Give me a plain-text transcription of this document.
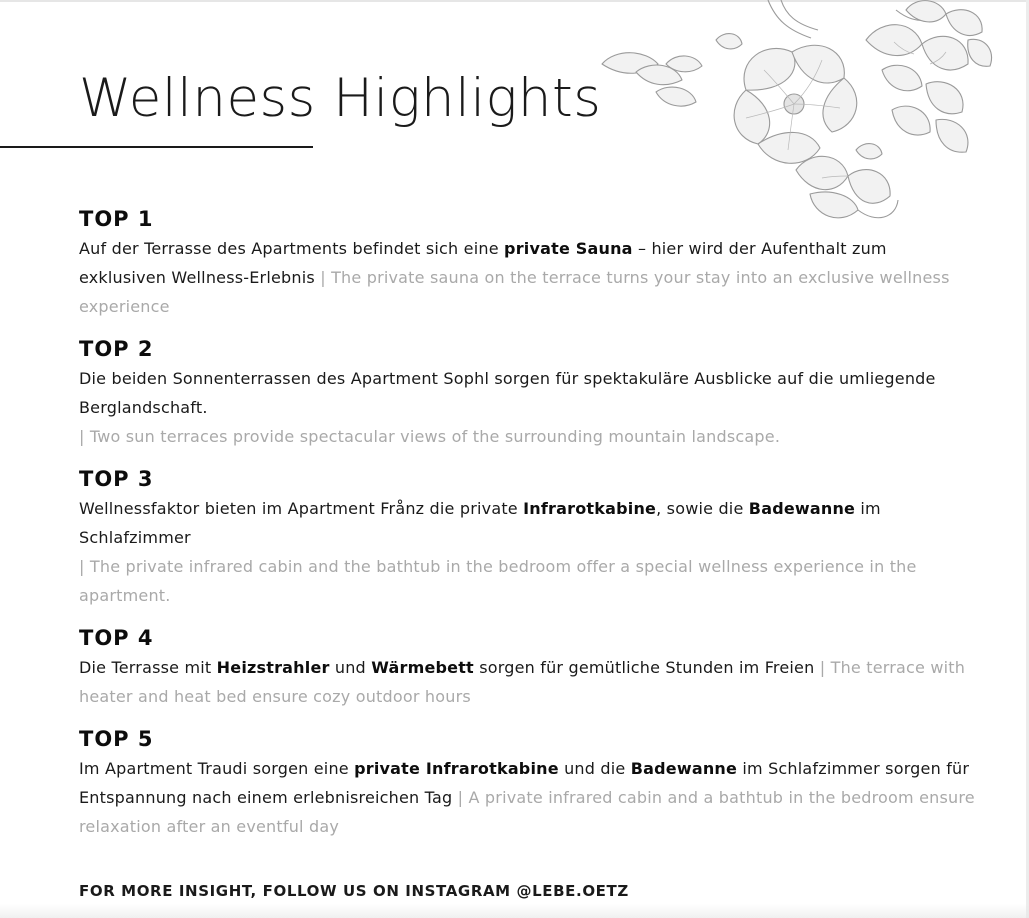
Wellness Highlights
TOP 1
Auf der Terrasse des Apartments befindet sich eine private Sauna – hier wird der Aufenthalt zum exklusiven Wellness-Erlebnis | The private sauna on the terrace turns your stay into an exclusive wellness experience
TOP 2
Die beiden Sonnenterrassen des Apartment Sophl sorgen für spektakuläre Ausblicke auf die umliegende Berglandschaft.
| Two sun terraces provide spectacular views of the surrounding mountain landscape.
TOP 3
Wellnessfaktor bieten im Apartment Frånz die private Infrarotkabine, sowie die Badewanne im Schlafzimmer
| The private infrared cabin and the bathtub in the bedroom offer a special wellness experience in the apartment.
TOP 4
Die Terrasse mit Heizstrahler und Wärmebett sorgen für gemütliche Stunden im Freien | The terrace with heater and heat bed ensure cozy outdoor hours
TOP 5
Im Apartment Traudi sorgen eine private Infrarotkabine und die Badewanne im Schlafzimmer sorgen für Entspannung nach einem erlebnisreichen Tag | A private infrared cabin and a bathtub in the bedroom ensure relaxation after an eventful day
FOR MORE INSIGHT, FOLLOW US ON INSTAGRAM @LEBE.OETZ
